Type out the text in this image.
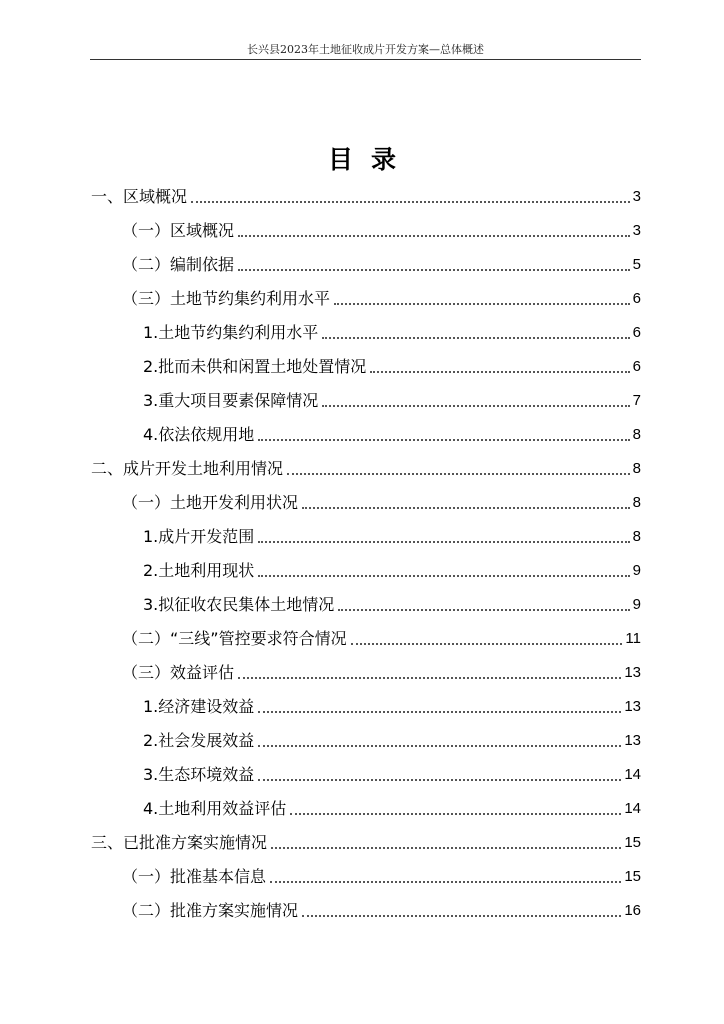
长兴县2023年土地征收成片开发方案—总体概述
目录
一、区域概况	3
（一）区域概况	3
（二）编制依据	5
（三）土地节约集约利用水平	6
1.土地节约集约利用水平	6
2.批而未供和闲置土地处置情况	6
3.重大项目要素保障情况	7
4.依法依规用地	8
二、成片开发土地利用情况	8
（一）土地开发利用状况	8
1.成片开发范围	8
2.土地利用现状	9
3.拟征收农民集体土地情况	9
（二）“三线”管控要求符合情况	11
（三）效益评估	13
1.经济建设效益	13
2.社会发展效益	13
3.生态环境效益	14
4.土地利用效益评估	14
三、已批准方案实施情况	15
（一）批准基本信息	15
（二）批准方案实施情况	16
